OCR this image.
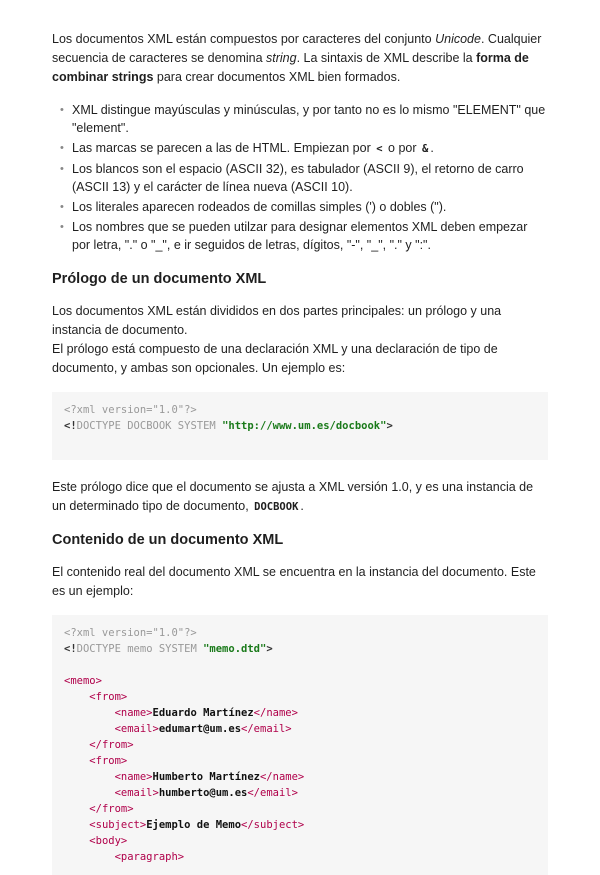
Los documentos XML están compuestos por caracteres del conjunto Unicode. Cualquier secuencia de caracteres se denomina string. La sintaxis de XML describe la forma de combinar strings para crear documentos XML bien formados.

• XML distingue mayúsculas y minúsculas, y por tanto no es lo mismo "ELEMENT" que "element".
• Las marcas se parecen a las de HTML. Empiezan por < o por & .
• Los blancos son el espacio (ASCII 32), es tabulador (ASCII 9), el retorno de carro (ASCII 13) y el carácter de línea nueva (ASCII 10).
• Los literales aparecen rodeados de comillas simples (') o dobles (").
• Los nombres que se pueden utilzar para designar elementos XML deben empezar por letra, "." o "_", e ir seguidos de letras, dígitos, "-", "_", "." y ":".
Prólogo de un documento XML

Los documentos XML están divididos en dos partes principales: un prólogo y una instancia de documento.

El prólogo está compuesto de una declaración XML y una declaración de tipo de documento, y ambas son opcionales. Un ejemplo es:

<?xml version="1.0"?>
<!DOCTYPE DOCBOOK SYSTEM "http://www.um.es/docbook">

Este prólogo dice que el documento se ajusta a XML versión 1.0, y es una instancia de un determinado tipo de documento, DOCBOOK .

Contenido de un documento XML

El contenido real del documento XML se encuentra en la instancia del documento. Este es un ejemplo:

<?xml version="1.0"?>
<!DOCTYPE memo SYSTEM "memo.dtd">

<memo>
<from>
<name>Eduardo Martínez</name>
<email>edumart@um.es</email>
</from>
<from>
<name>Humberto Martínez</name>
<email>humberto@um.es</email>
</from>
<subject>Ejemplo de Memo</subject>
<body>
<paragraph>
